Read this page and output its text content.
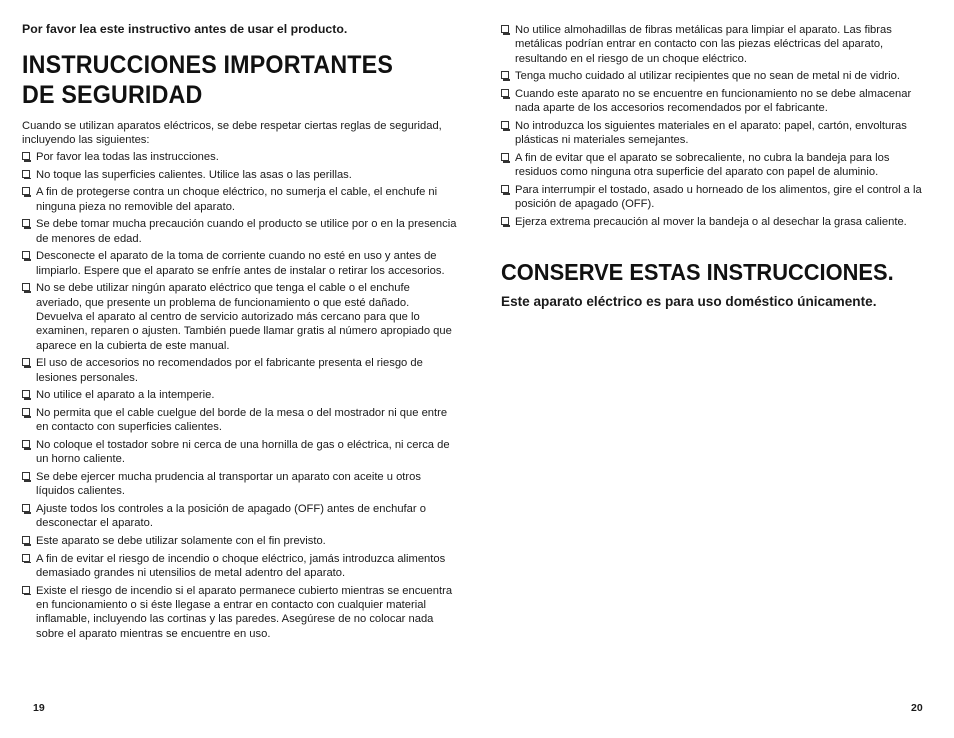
Por favor lea este instructivo antes de usar el producto.
INSTRUCCIONES IMPORTANTES
DE SEGURIDAD

Cuando se utilizan aparatos eléctricos, se debe respetar ciertas reglas de seguridad, incluyendo las siguientes:

Por favor lea todas las instrucciones.
No toque las superficies calientes. Utilice las asas o las perillas.
A fin de protegerse contra un choque eléctrico, no sumerja el cable, el enchufe ni ninguna pieza no removible del aparato.
Se debe tomar mucha precaución cuando el producto se utilice por o en la presencia de menores de edad.
Desconecte el aparato de la toma de corriente cuando no esté en uso y antes de limpiarlo. Espere que el aparato se enfríe antes de instalar o retirar los accesorios.
No se debe utilizar ningún aparato eléctrico que tenga el cable o el enchufe averiado, que presente un problema de funcionamiento o que esté dañado. Devuelva el aparato al centro de servicio autorizado más cercano para que lo examinen, reparen o ajusten. También puede llamar gratis al número apropiado que aparece en la cubierta de este manual.
El uso de accesorios no recomendados por el fabricante presenta el riesgo de lesiones personales.
No utilice el aparato a la intemperie.
No permita que el cable cuelgue del borde de la mesa o del mostrador ni que entre en contacto con superficies calientes.
No coloque el tostador sobre ni cerca de una hornilla de gas o eléctrica, ni cerca de un horno caliente.
Se debe ejercer mucha prudencia al transportar un aparato con aceite u otros líquidos calientes.
Ajuste todos los controles a la posición de apagado (OFF) antes de enchufar o desconectar el aparato.
Este aparato se debe utilizar solamente con el fin previsto.
A fin de evitar el riesgo de incendio o choque eléctrico, jamás introduzca alimentos demasiado grandes ni utensilios de metal adentro del aparato.
Existe el riesgo de incendio si el aparato permanece cubierto mientras se encuentra en funcionamiento o si éste llegase a entrar en contacto con cualquier material inflamable, incluyendo las cortinas y las paredes. Asegúrese de no colocar nada sobre el aparato mientras se encuentre en uso.
No utilice almohadillas de fibras metálicas para limpiar el aparato. Las fibras metálicas podrían entrar en contacto con las piezas eléctricas del aparato, resultando en el riesgo de un choque eléctrico.
Tenga mucho cuidado al utilizar recipientes que no sean de metal ni de vidrio.
Cuando este aparato no se encuentre en funcionamiento no se debe almacenar nada aparte de los accesorios recomendados por el fabricante.
No introduzca los siguientes materiales en el aparato: papel, cartón, envolturas plásticas ni materiales semejantes.
A fin de evitar que el aparato se sobrecaliente, no cubra la bandeja para los residuos como ninguna otra superficie del aparato con papel de aluminio.
Para interrumpir el tostado, asado u horneado de los alimentos, gire el control a la posición de apagado (OFF).
Ejerza extrema precaución al mover la bandeja o al desechar la grasa caliente.
CONSERVE ESTAS INSTRUCCIONES.
Este aparato eléctrico es para uso doméstico únicamente.
19	20
